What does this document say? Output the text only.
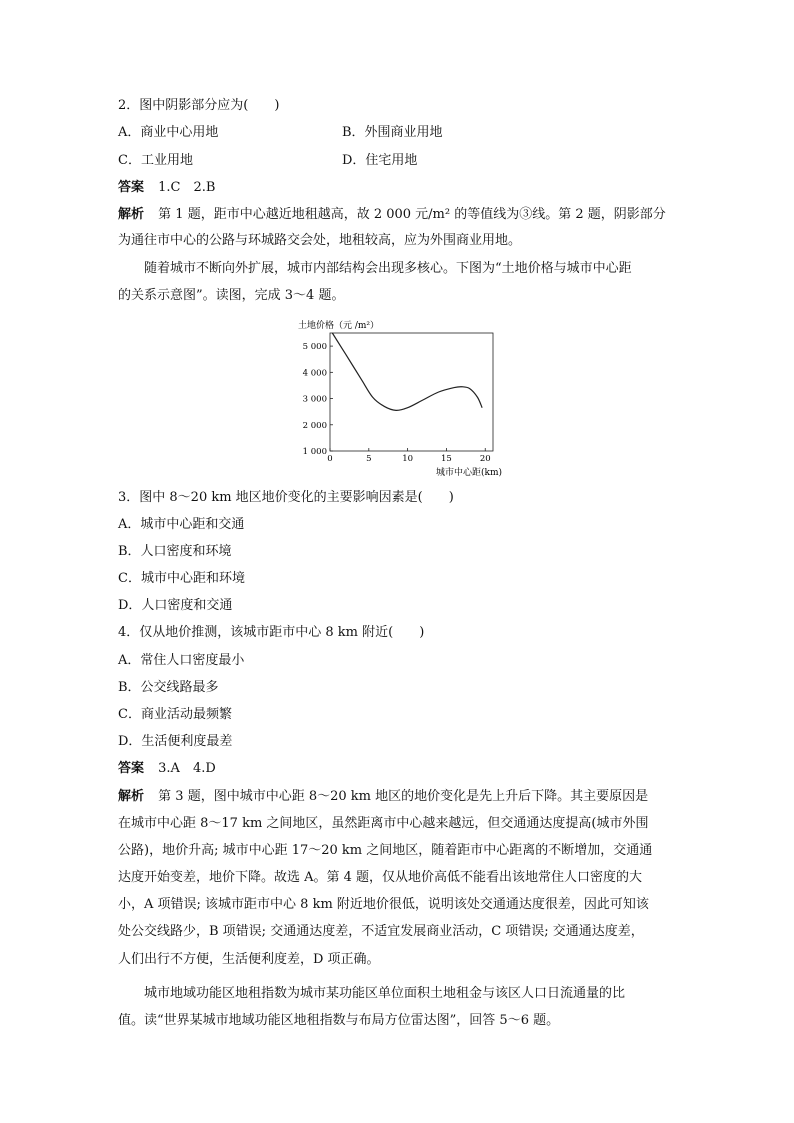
2．图中阴影部分应为(　　)
A．商业中心用地	B．外围商业用地
C．工业用地	D．住宅用地
答案 1.C　2.B
解析 第 1 题，距市中心越近地租越高，故 2 000 元/m² 的等值线为③线。第 2 题，阴影部分
为通往市中心的公路与环城路交会处，地租较高，应为外围商业用地。
随着城市不断向外扩展，城市内部结构会出现多核心。下图为“土地价格与城市中心距
的关系示意图”。读图，完成 3～4 题。
土地价格（元 /m²）
1 000
2 000
3 000
4 000
5 000
0	5	10	15	20
城市中心距(km)
3．图中 8～20 km 地区地价变化的主要影响因素是(　　)
A．城市中心距和交通
B．人口密度和环境
C．城市中心距和环境
D．人口密度和交通
4．仅从地价推测，该城市距市中心 8 km 附近(　　)
A．常住人口密度最小
B．公交线路最多
C．商业活动最频繁
D．生活便利度最差
答案 3.A　4.D
解析 第 3 题，图中城市中心距 8～20 km 地区的地价变化是先上升后下降。其主要原因是
在城市中心距 8～17 km 之间地区，虽然距离市中心越来越远，但交通通达度提高(城市外围
公路)，地价升高; 城市中心距 17～20 km 之间地区，随着距市中心距离的不断增加，交通通
达度开始变差，地价下降。故选 A。第 4 题，仅从地价高低不能看出该地常住人口密度的大
小，A 项错误; 该城市距市中心 8 km 附近地价很低，说明该处交通通达度很差，因此可知该
处公交线路少，B 项错误; 交通通达度差，不适宜发展商业活动，C 项错误; 交通通达度差，
人们出行不方便，生活便利度差，D 项正确。
城市地域功能区地租指数为城市某功能区单位面积土地租金与该区人口日流通量的比
值。读“世界某城市地域功能区地租指数与布局方位雷达图”，回答 5～6 题。
